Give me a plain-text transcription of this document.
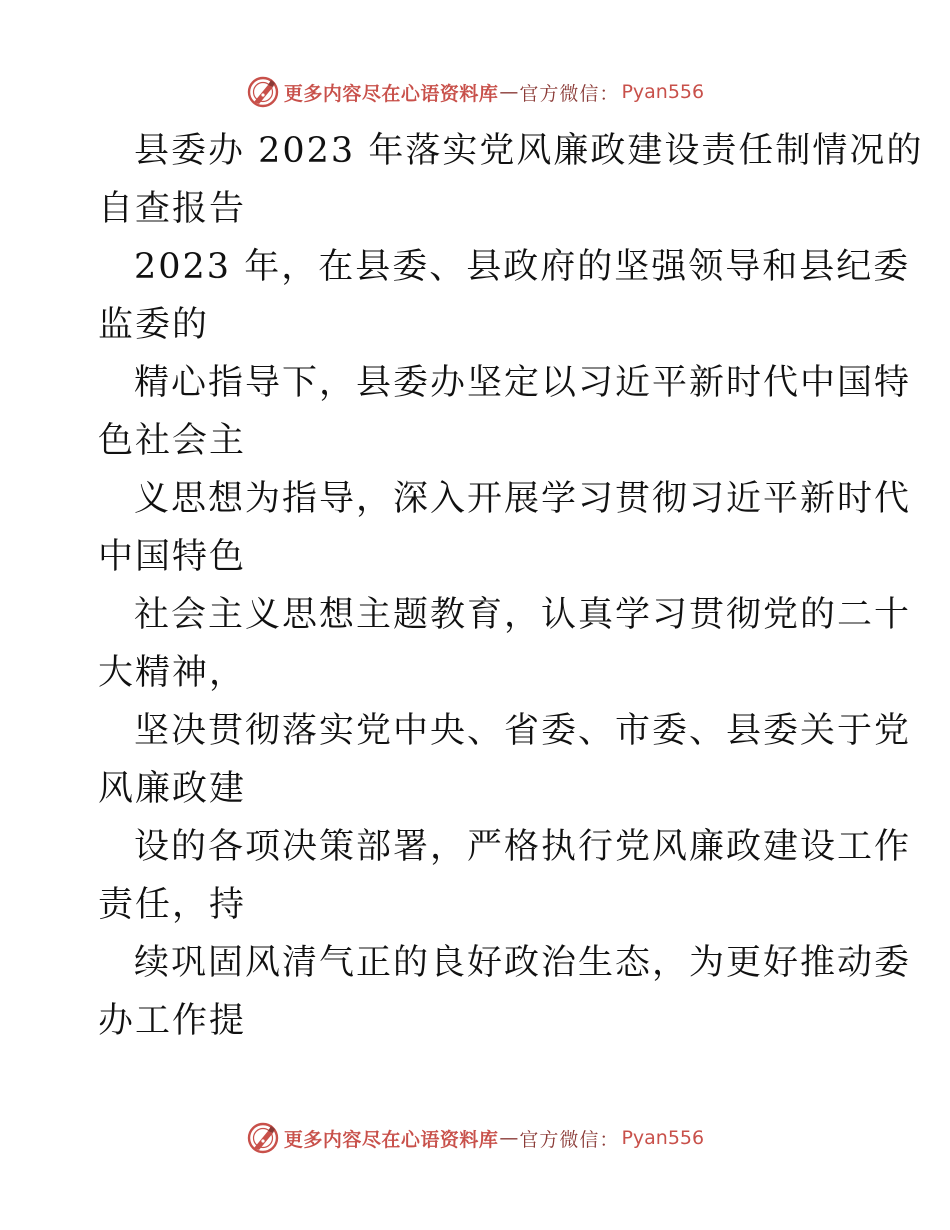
更多内容尽在心语资料库 — 官方微信： Pyan556
县委办 2023 年落实党风廉政建设责任制情况的
自查报告
2023 年，在县委、县政府的坚强领导和县纪委
监委的
精心指导下，县委办坚定以习近平新时代中国特
色社会主
义思想为指导，深入开展学习贯彻习近平新时代
中国特色
社会主义思想主题教育，认真学习贯彻党的二十
大精神，
坚决贯彻落实党中央、省委、市委、县委关于党
风廉政建
设的各项决策部署，严格执行党风廉政建设工作
责任，持
续巩固风清气正的良好政治生态，为更好推动委
办工作提
更多内容尽在心语资料库 — 官方微信： Pyan556
